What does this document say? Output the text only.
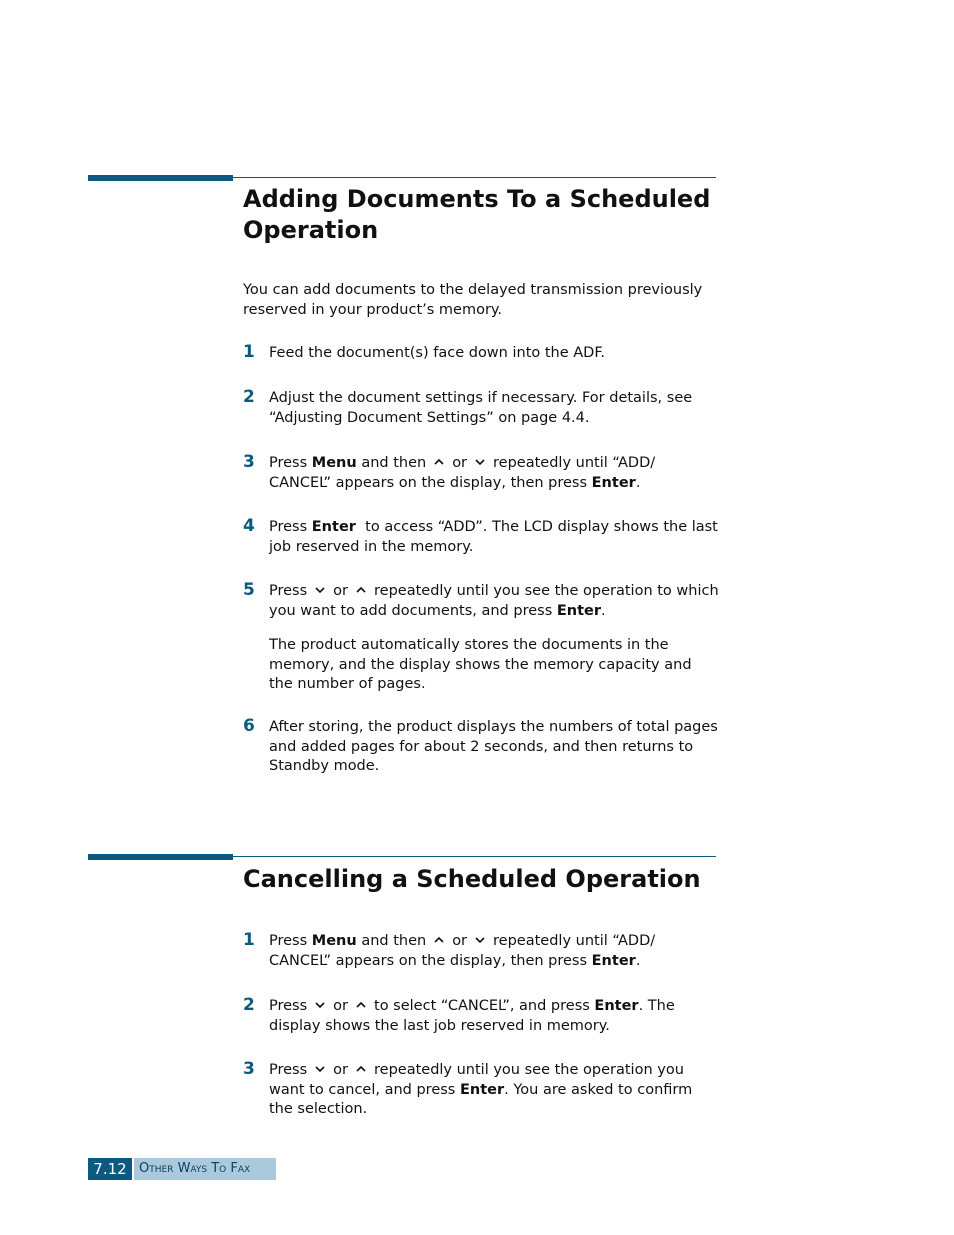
Adding Documents To a Scheduled Operation

You can add documents to the delayed transmission previously reserved in your product’s memory.

1 Feed the document(s) face down into the ADF.

2 Adjust the document settings if necessary. For details, see “Adjusting Document Settings” on page 4.4.

3 Press Menu and then or repeatedly until “ADD/ CANCEL” appears on the display, then press Enter.

4 Press Enter to access “ADD”. The LCD display shows the last job reserved in the memory.

5 Press or repeatedly until you see the operation to which you want to add documents, and press Enter.

The product automatically stores the documents in the memory, and the display shows the memory capacity and the number of pages.

6 After storing, the product displays the numbers of total pages and added pages for about 2 seconds, and then returns to Standby mode.

Cancelling a Scheduled Operation
1 Press Menu and then or repeatedly until “ADD/ CANCEL” appears on the display, then press Enter.

2 Press or to select “CANCEL”, and press Enter. The display shows the last job reserved in memory.

3 Press or repeatedly until you see the operation you want to cancel, and press Enter. You are asked to confirm the selection.

7.12 Other Ways To Fax
